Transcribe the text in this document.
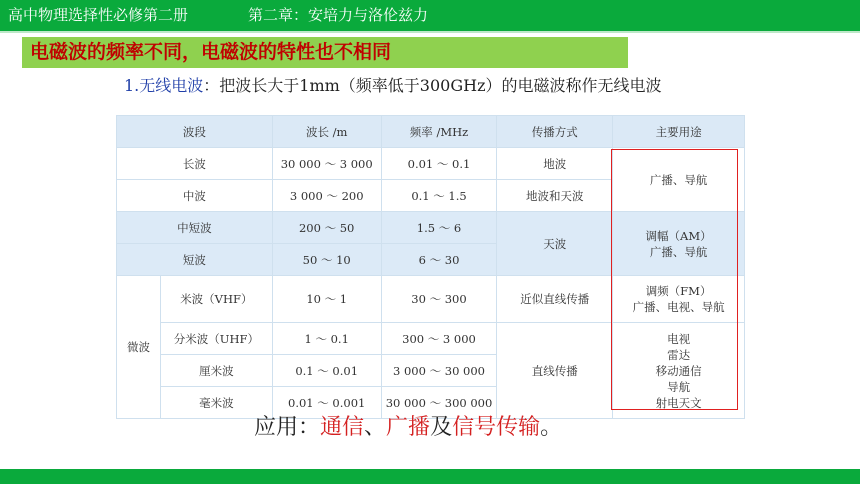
高中物理选择性必修第二册	第二章：安培力与洛伦兹力
电磁波的频率不同，电磁波的特性也不相同
1.无线电波：把波长大于1mm（频率低于300GHz）的电磁波称作无线电波
波段		波长 /m	频率 /MHz	传播方式	主要用途
长波		30 000 ～ 3 000	0.01 ～ 0.1	地波	广播、导航
中波		3 000 ～ 200	0.1 ～ 1.5	地波和天波	
中短波		200 ～ 50	1.5 ～ 6	天波	调幅（AM）
广播、导航

短波		50 ～ 10	6 ～ 30		
微波	米波（VHF）	10 ～ 1	30 ～ 300	近似直线传播	调频（FM）
广播、电视、导航

	分米波（UHF）	1 ～ 0.1	300 ～ 3 000	直线传播	电视
雷达
移动通信
导航
射电天文

	厘米波	0.1 ～ 0.01	3 000 ～ 30 000		
	毫米波	0.01 ～ 0.001	30 000 ～ 300 000		
应用：通信、广播及信号传输。
